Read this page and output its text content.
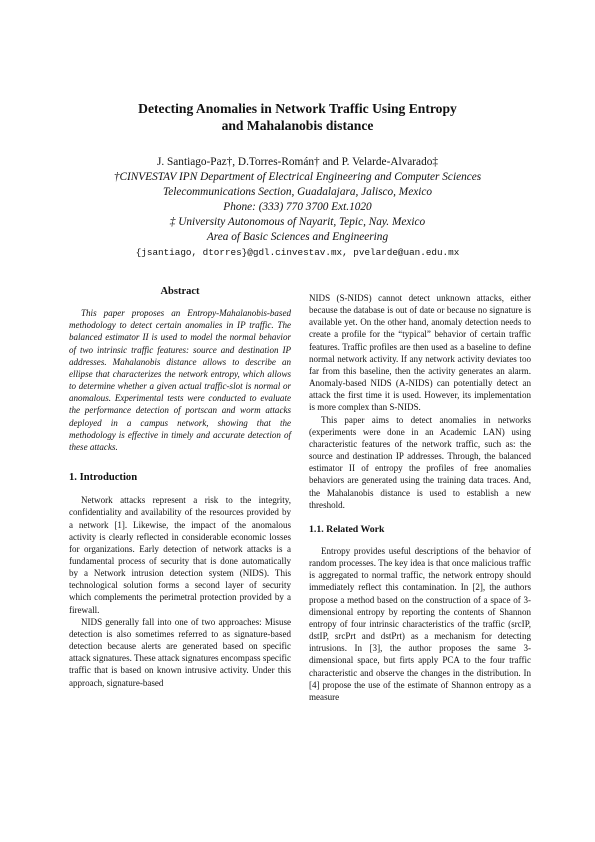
Detecting Anomalies in Network Traffic Using Entropy
and Mahalanobis distance
J. Santiago-Paz†, D.Torres-Román† and P. Velarde-Alvarado‡
†CINVESTAV IPN Department of Electrical Engineering and Computer Sciences
Telecommunications Section, Guadalajara, Jalisco, Mexico
Phone: (333) 770 3700 Ext.1020
‡ University Autonomous of Nayarit, Tepic, Nay. Mexico
Area of Basic Sciences and Engineering
{jsantiago, dtorres}@gdl.cinvestav.mx, pvelarde@uan.edu.mx
Abstract

This paper proposes an Entropy-Mahalanobis-based methodology to detect certain anomalies in IP traffic. The balanced estimator II is used to model the normal behavior of two intrinsic traffic features: source and destination IP addresses. Mahalanobis distance allows to describe an ellipse that characterizes the network entropy, which allows to determine whether a given actual traffic-slot is normal or anomalous. Experimental tests were conducted to evaluate the performance detection of portscan and worm attacks deployed in a campus network, showing that the methodology is effective in timely and accurate detection of these attacks.

1. Introduction

Network attacks represent a risk to the integrity, confidentiality and availability of the resources provided by a network [1]. Likewise, the impact of the anomalous activity is clearly reflected in considerable economic losses for organizations. Early detection of network attacks is a fundamental process of security that is done automatically by a Network intrusion detection system (NIDS). This technological solution forms a second layer of security which complements the perimetral protection provided by a firewall.

NIDS generally fall into one of two approaches: Misuse detection is also sometimes referred to as signature-based detection because alerts are generated based on specific attack signatures. These attack signatures encompass specific traffic that is based on known intrusive activity. Under this approach, signature-based

NIDS (S-NIDS) cannot detect unknown attacks, either because the database is out of date or because no signature is available yet. On the other hand, anomaly detection needs to create a profile for the “typical” behavior of certain traffic features. Traffic profiles are then used as a baseline to define normal network activity. If any network activity deviates too far from this baseline, then the activity generates an alarm. Anomaly-based NIDS (A-NIDS) can potentially detect an attack the first time it is used. However, its implementation is more complex than S-NIDS.

This paper aims to detect anomalies in networks (experiments were done in an Academic LAN) using characteristic features of the network traffic, such as: the source and destination IP addresses. Through, the balanced estimator II of entropy the profiles of free anomalies behaviors are generated using the training data traces. And, the Mahalanobis distance is used to establish a new threshold.

1.1. Related Work

Entropy provides useful descriptions of the behavior of random processes. The key idea is that once malicious traffic is aggregated to normal traffic, the network entropy should immediately reflect this contamination. In [2], the authors propose a method based on the construction of a space of 3-dimensional entropy by reporting the contents of Shannon entropy of four intrinsic characteristics of the traffic (srcIP, dstIP, srcPrt and dstPrt) as a mechanism for detecting intrusions. In [3], the author proposes the same 3-dimensional space, but firts apply PCA to the four traffic characteristic and observe the changes in the distribution. In [4] propose the use of the estimate of Shannon entropy as a measure
